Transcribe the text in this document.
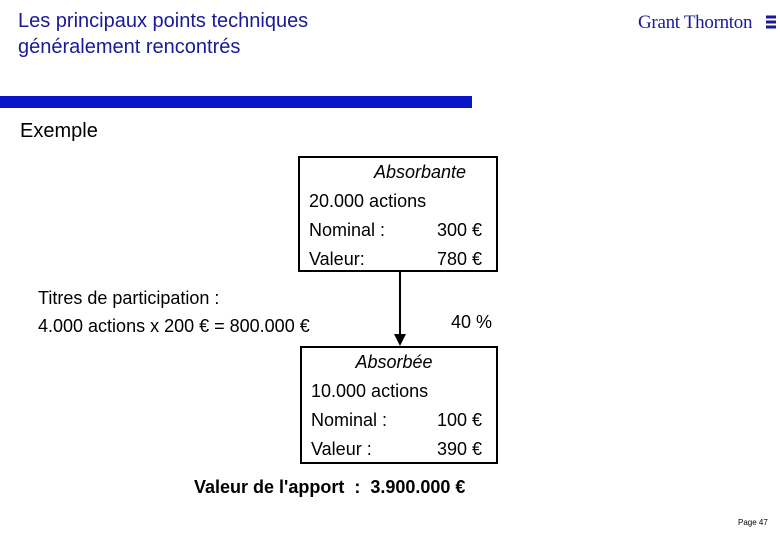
Les principaux points techniques
généralement rencontrés
Grant Thornton
Exemple
Absorbante
20.000 actions
Nominal :	300 €
Valeur:	780 €
Titres de participation :
4.000 actions x 200 € = 800.000 €	40 %
Absorbée
10.000 actions
Nominal :	100 €
Valeur :	390 €
Valeur de l'apport  :  3.900.000 €
Page 47
